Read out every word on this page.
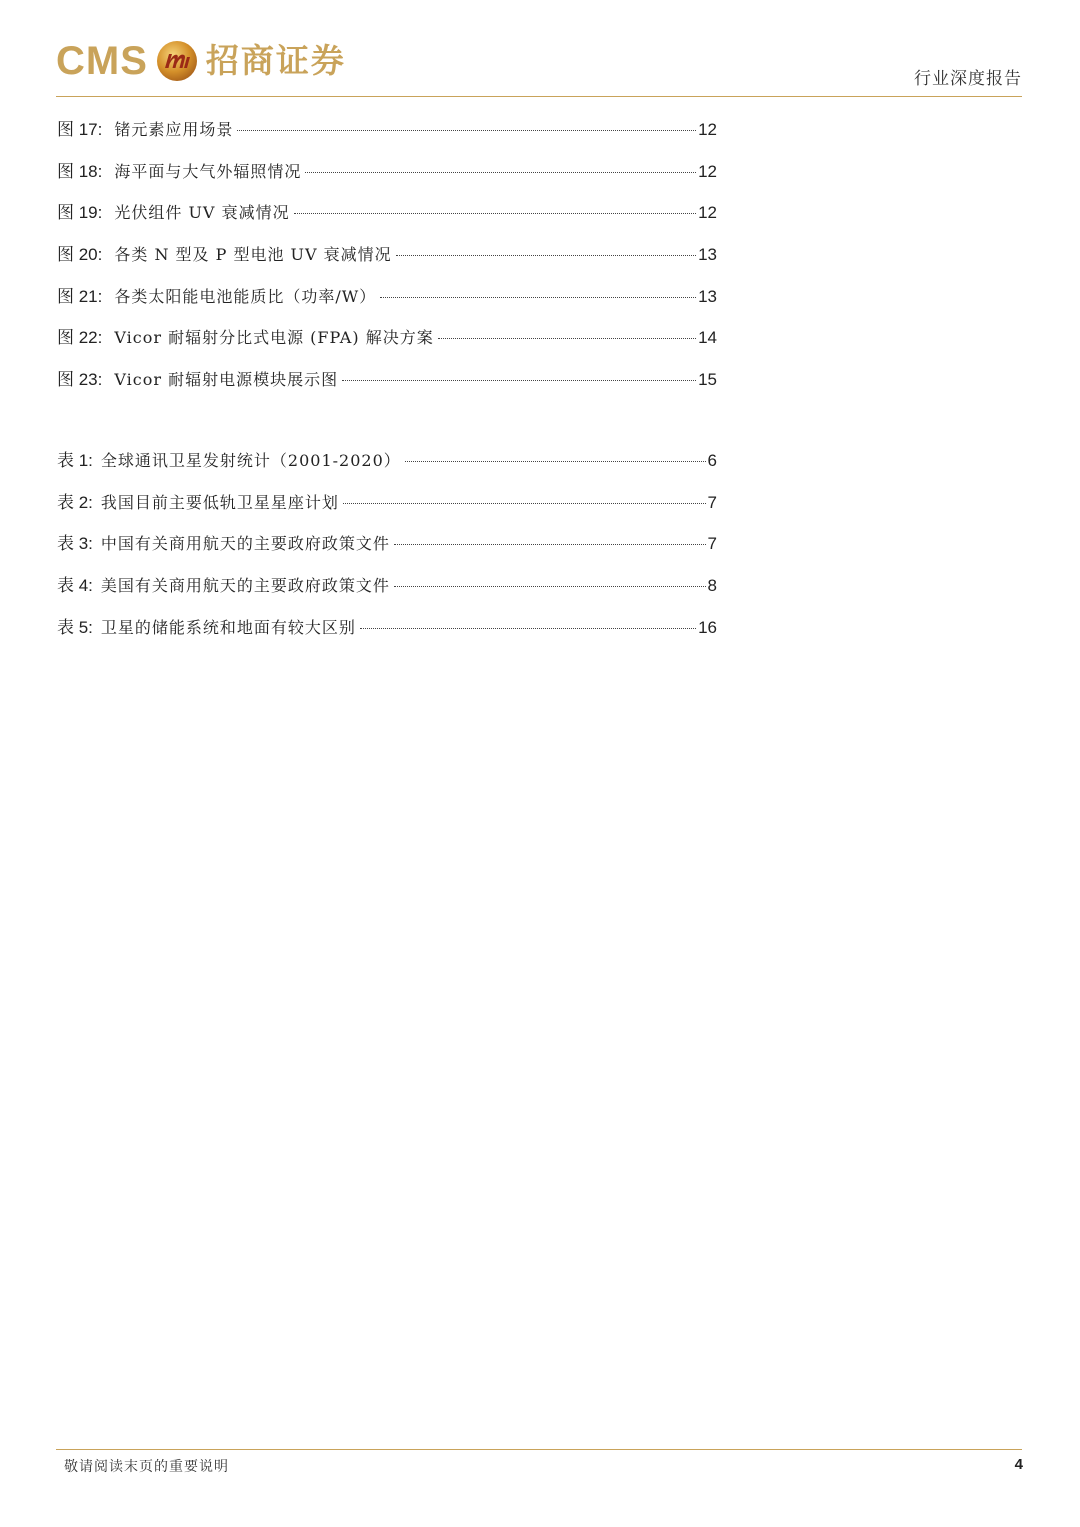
CMS 招商证券	行业深度报告
图 17: 锗元素应用场景	12
图 18: 海平面与大气外辐照情况	12
图 19: 光伏组件 UV 衰减情况	12
图 20: 各类 N 型及 P 型电池 UV 衰减情况	13
图 21: 各类太阳能电池能质比（功率/W）	13
图 22: Vicor 耐辐射分比式电源 (FPA) 解决方案	14
图 23: Vicor 耐辐射电源模块展示图	15
表 1: 全球通讯卫星发射统计（2001-2020）	6
表 2: 我国目前主要低轨卫星星座计划	7
表 3: 中国有关商用航天的主要政府政策文件	7
表 4: 美国有关商用航天的主要政府政策文件	8
表 5: 卫星的储能系统和地面有较大区别	16
敬请阅读末页的重要说明	4
